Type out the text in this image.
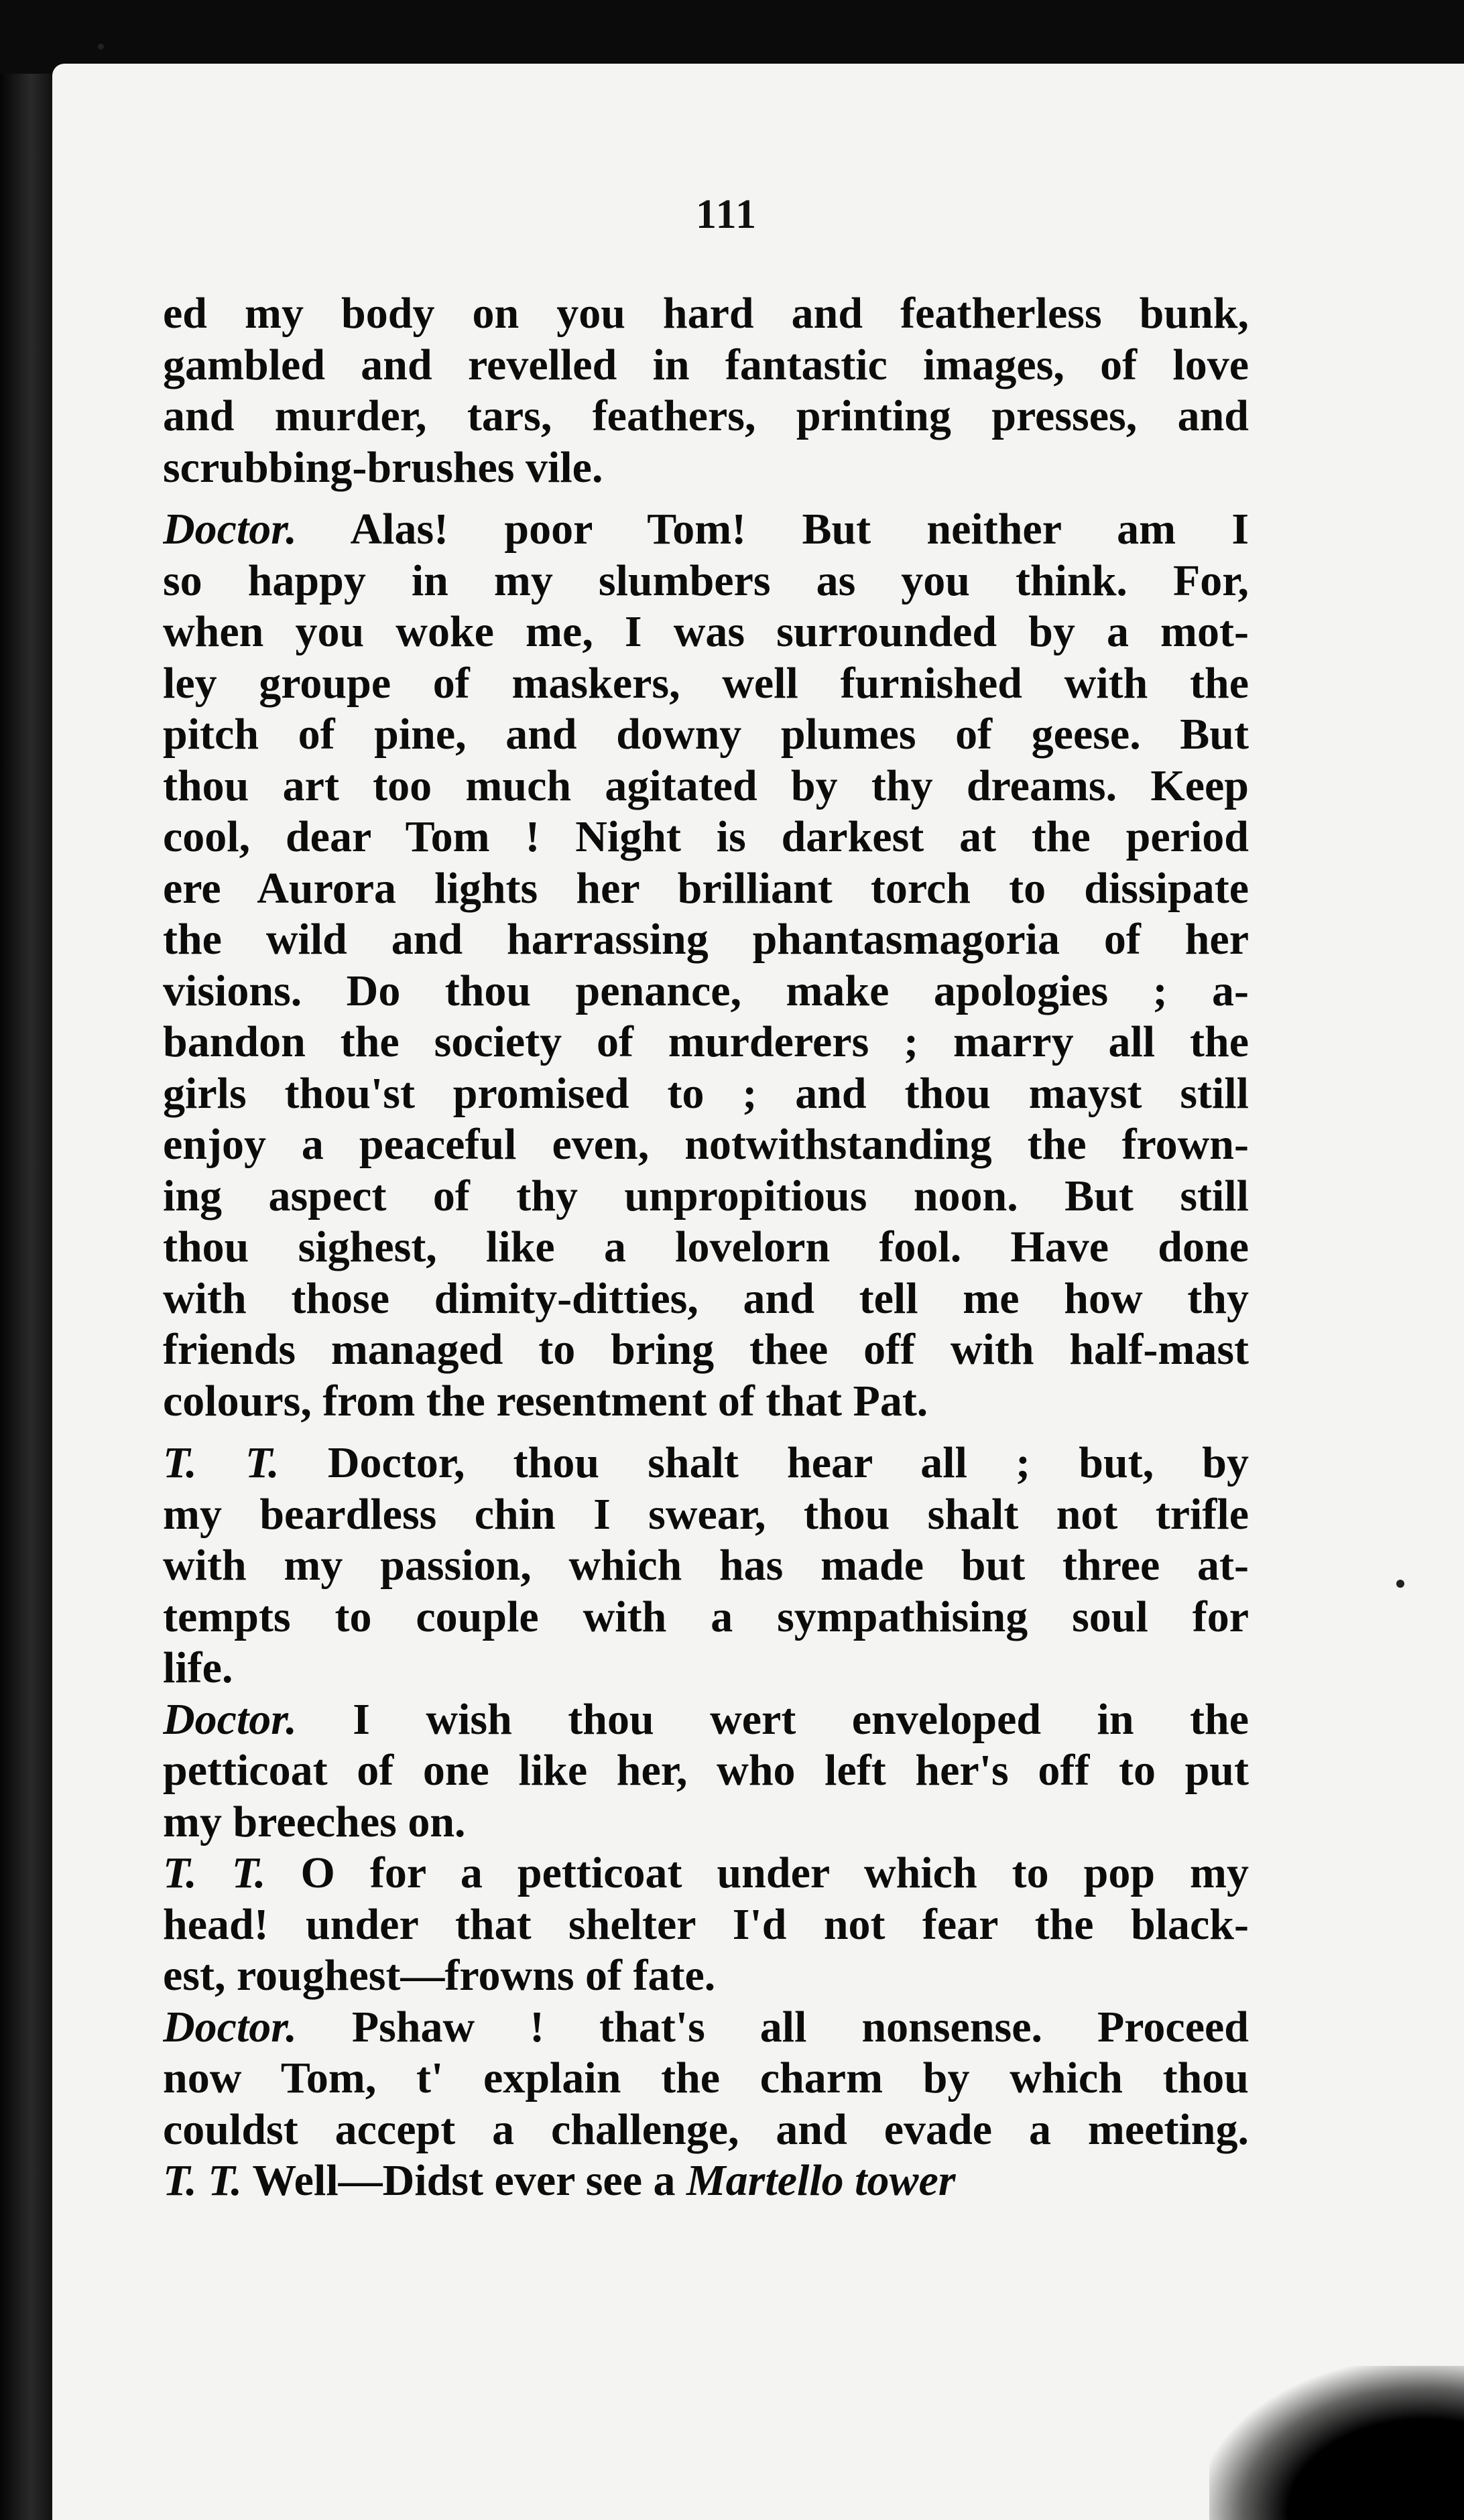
111
ed my body on you hard and featherless bunk,
gambled and revelled in fantastic images, of love
and murder, tars, feathers, printing presses, and
scrubbing-brushes vile.
Doctor. Alas! poor Tom! But neither am I
so happy in my slumbers as you think. For,
when you woke me, I was surrounded by a mot-
ley groupe of maskers, well furnished with the
pitch of pine, and downy plumes of geese. But
thou art too much agitated by thy dreams. Keep
cool, dear Tom ! Night is darkest at the period
ere Aurora lights her brilliant torch to dissipate
the wild and harrassing phantasmagoria of her
visions. Do thou penance, make apologies ; a-
bandon the society of murderers ; marry all the
girls thou'st promised to ; and thou mayst still
enjoy a peaceful even, notwithstanding the frown-
ing aspect of thy unpropitious noon. But still
thou sighest, like a lovelorn fool. Have done
with those dimity-ditties, and tell me how thy
friends managed to bring thee off with half-mast
colours, from the resentment of that Pat.
T. T. Doctor, thou shalt hear all ; but, by
my beardless chin I swear, thou shalt not trifle
with my passion, which has made but three at-
tempts to couple with a sympathising soul for
life.
Doctor. I wish thou wert enveloped in the
petticoat of one like her, who left her's off to put
my breeches on.
T. T. O for a petticoat under which to pop my
head! under that shelter I'd not fear the black-
est, roughest—frowns of fate.
Doctor. Pshaw ! that's all nonsense. Proceed
now Tom, t' explain the charm by which thou
couldst accept a challenge, and evade a meeting.
T. T. Well—Didst ever see a Martello tower
